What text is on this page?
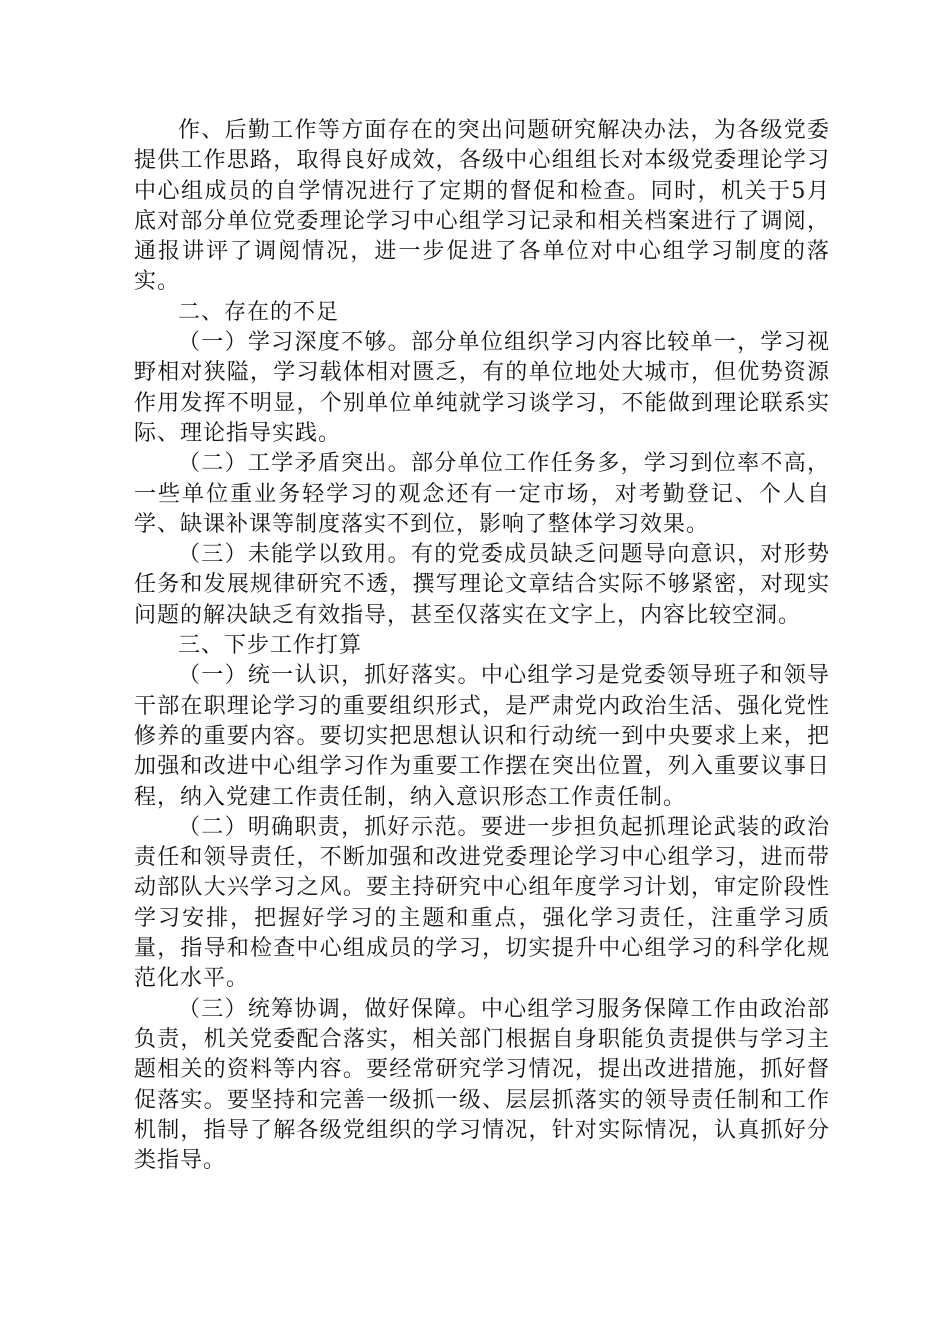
作、后勤工作等方面存在的突出问题研究解决办法，为各级党委提供工作思路，取得良好成效，各级中心组组长对本级党委理论学习中心组成员的自学情况进行了定期的督促和检查。同时，机关于5月底对部分单位党委理论学习中心组学习记录和相关档案进行了调阅，通报讲评了调阅情况，进一步促进了各单位对中心组学习制度的落实。

二、存在的不足

（一）学习深度不够。部分单位组织学习内容比较单一，学习视野相对狭隘，学习载体相对匮乏，有的单位地处大城市，但优势资源作用发挥不明显，个别单位单纯就学习谈学习，不能做到理论联系实际、理论指导实践。

（二）工学矛盾突出。部分单位工作任务多，学习到位率不高，一些单位重业务轻学习的观念还有一定市场，对考勤登记、个人自学、缺课补课等制度落实不到位，影响了整体学习效果。

（三）未能学以致用。有的党委成员缺乏问题导向意识，对形势任务和发展规律研究不透，撰写理论文章结合实际不够紧密，对现实问题的解决缺乏有效指导，甚至仅落实在文字上，内容比较空洞。

三、下步工作打算

（一）统一认识，抓好落实。中心组学习是党委领导班子和领导干部在职理论学习的重要组织形式，是严肃党内政治生活、强化党性修养的重要内容。要切实把思想认识和行动统一到中央要求上来，把加强和改进中心组学习作为重要工作摆在突出位置，列入重要议事日程，纳入党建工作责任制，纳入意识形态工作责任制。

（二）明确职责，抓好示范。要进一步担负起抓理论武装的政治责任和领导责任，不断加强和改进党委理论学习中心组学习，进而带动部队大兴学习之风。要主持研究中心组年度学习计划，审定阶段性学习安排，把握好学习的主题和重点，强化学习责任，注重学习质量，指导和检查中心组成员的学习，切实提升中心组学习的科学化规范化水平。

（三）统筹协调，做好保障。中心组学习服务保障工作由政治部负责，机关党委配合落实，相关部门根据自身职能负责提供与学习主题相关的资料等内容。要经常研究学习情况，提出改进措施，抓好督促落实。要坚持和完善一级抓一级、层层抓落实的领导责任制和工作机制，指导了解各级党组织的学习情况，针对实际情况，认真抓好分类指导。
